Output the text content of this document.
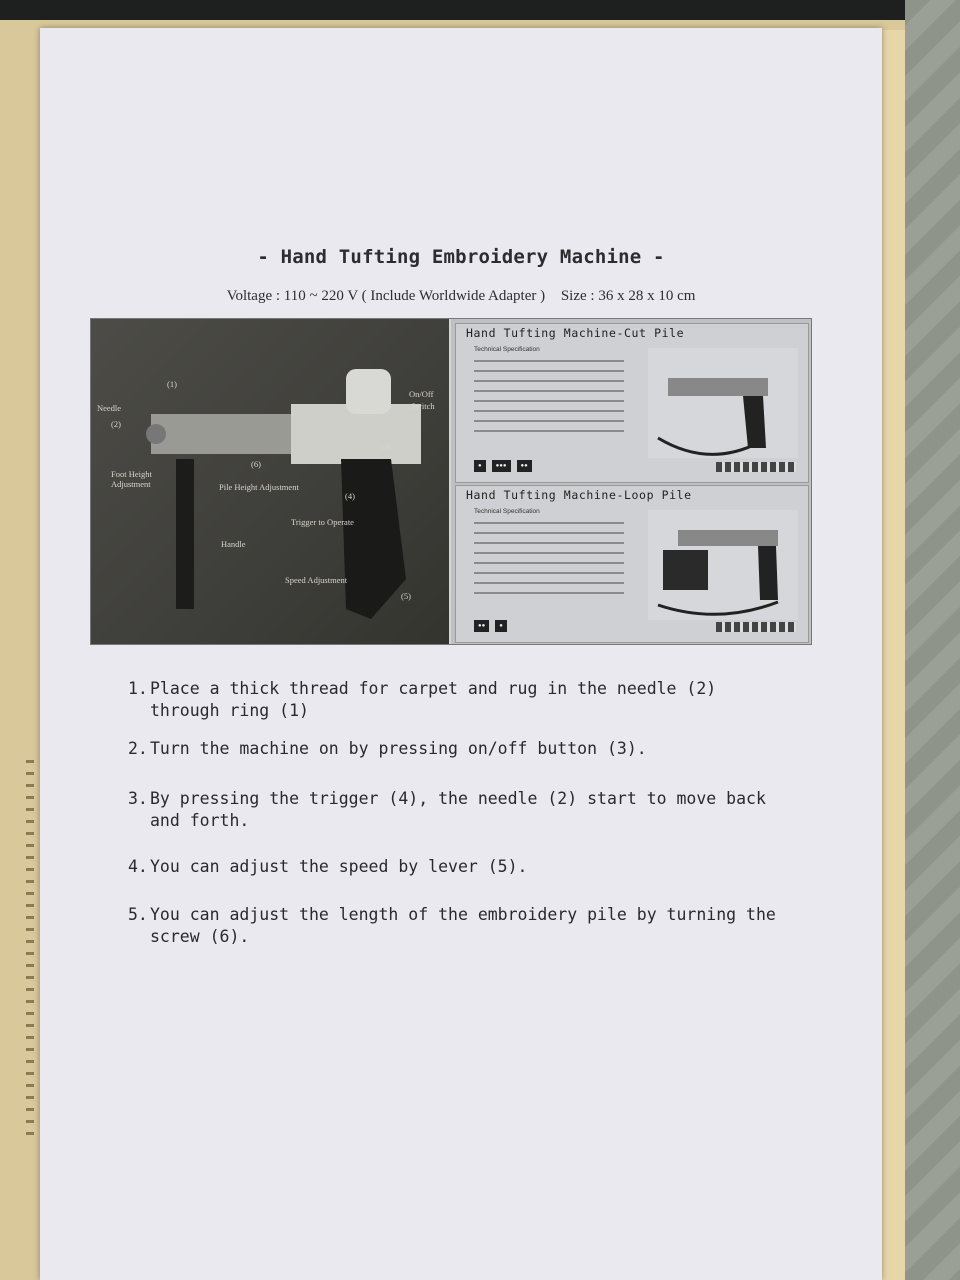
- Hand Tufting Embroidery Machine -
Voltage : 110 ~ 220 V ( Include Worldwide Adapter ) Size : 36 x 28 x 10 cm
Needle
On/Off
Switch
Pile Height Adjustment
Foot Height
Adjustment
Trigger to Operate
Handle
Speed Adjustment
(1)
(2)
(3)
(4)
(5)
(6)
Hand Tufting Machine-Cut Pile
Technical Specification
● ●●● ●●
Hand Tufting Machine-Loop Pile
Technical Specification
●● ●
1. Place a thick thread for carpet and rug in the needle (2) through ring (1)
2. Turn the machine on by pressing on/off button (3).
3. By pressing the trigger (4), the needle (2) start to move back and forth.
4. You can adjust the speed by lever (5).
5. You can adjust the length of the embroidery pile by turning the screw (6).
